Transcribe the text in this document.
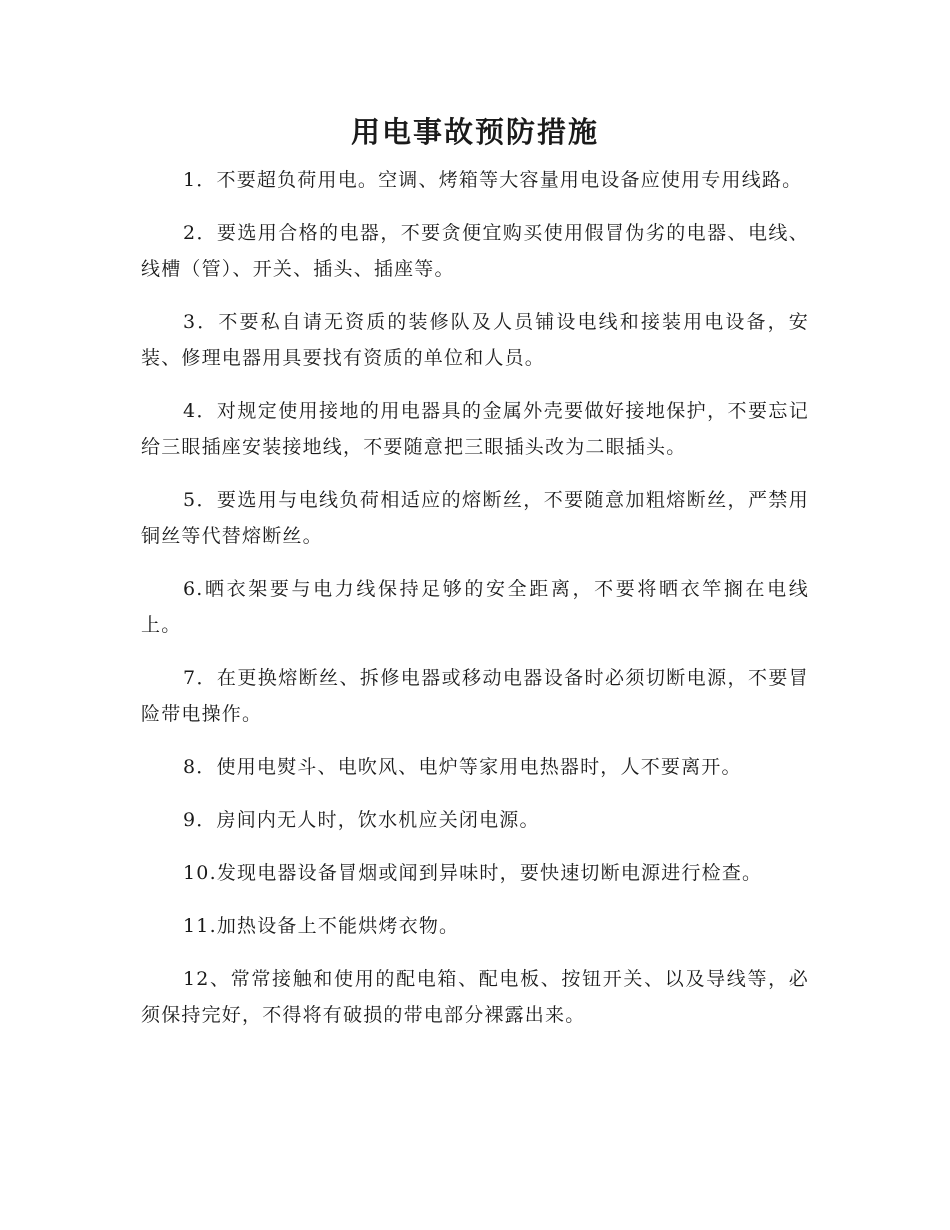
用电事故预防措施

1．不要超负荷用电。空调、烤箱等大容量用电设备应使用专用线路。

2．要选用合格的电器，不要贪便宜购买使用假冒伪劣的电器、电线、线槽（管）、开关、插头、插座等。

3．不要私自请无资质的装修队及人员铺设电线和接装用电设备，安装、修理电器用具要找有资质的单位和人员。

4．对规定使用接地的用电器具的金属外壳要做好接地保护，不要忘记给三眼插座安装接地线，不要随意把三眼插头改为二眼插头。

5．要选用与电线负荷相适应的熔断丝，不要随意加粗熔断丝，严禁用铜丝等代替熔断丝。

6.晒衣架要与电力线保持足够的安全距离，不要将晒衣竿搁在电线上。

7．在更换熔断丝、拆修电器或移动电器设备时必须切断电源，不要冒险带电操作。

8．使用电熨斗、电吹风、电炉等家用电热器时，人不要离开。

9．房间内无人时，饮水机应关闭电源。

10.发现电器设备冒烟或闻到异味时，要快速切断电源进行检查。

11.加热设备上不能烘烤衣物。

12、常常接触和使用的配电箱、配电板、按钮开关、以及导线等，必须保持完好，不得将有破损的带电部分裸露出来。
